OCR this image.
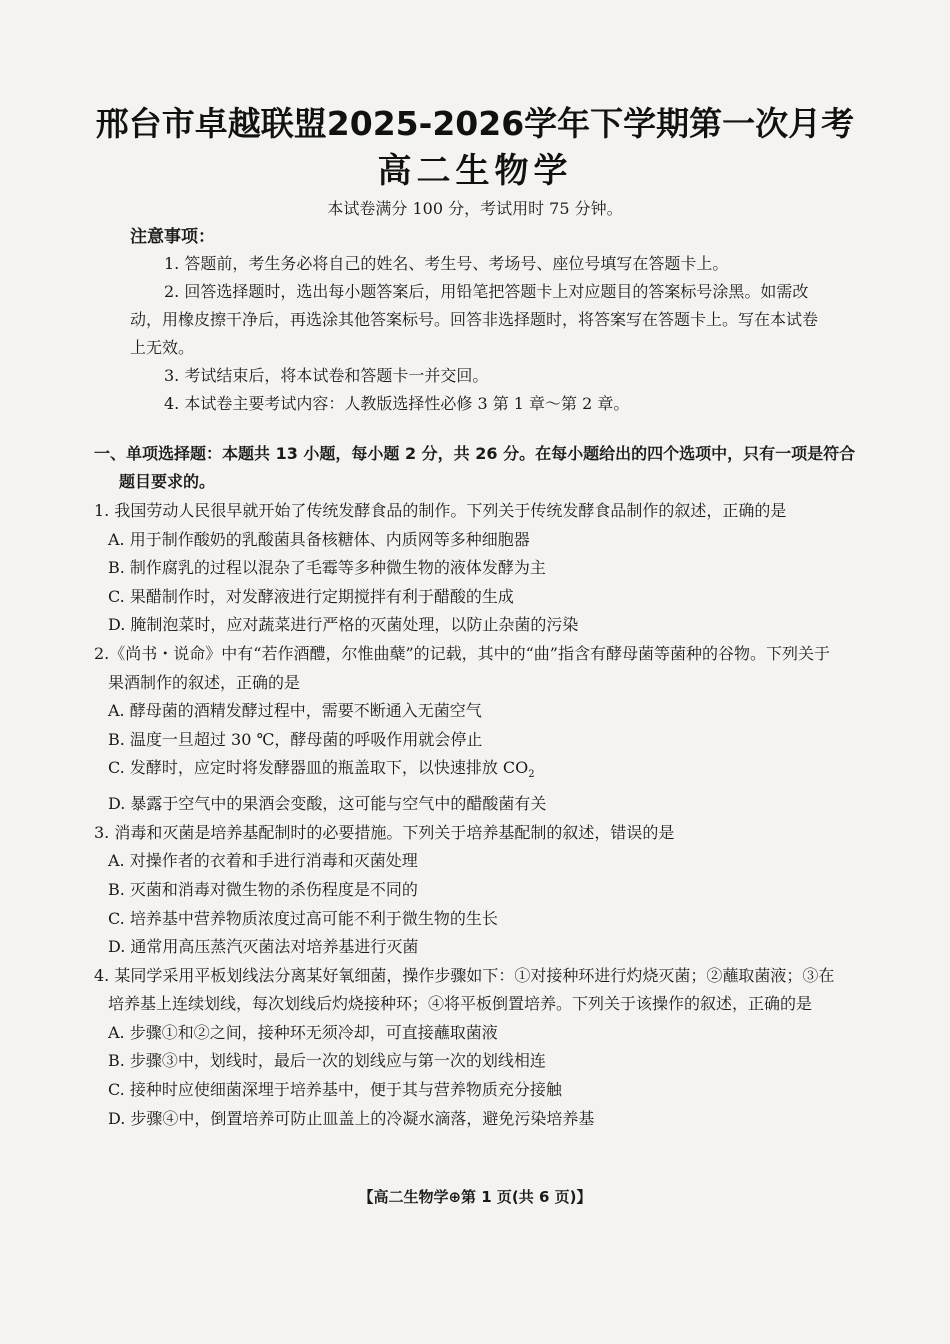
邢台市卓越联盟2025-2026学年下学期第一次月考
高二生物学
本试卷满分 100 分，考试用时 75 分钟。
注意事项：

1. 答题前，考生务必将自己的姓名、考生号、考场号、座位号填写在答题卡上。

2. 回答选择题时，选出每小题答案后，用铅笔把答题卡上对应题目的答案标号涂黑。如需改动，用橡皮擦干净后，再选涂其他答案标号。回答非选择题时，将答案写在答题卡上。写在本试卷上无效。

3. 考试结束后，将本试卷和答题卡一并交回。

4. 本试卷主要考试内容：人教版选择性必修 3 第 1 章～第 2 章。

一、单项选择题：本题共 13 小题，每小题 2 分，共 26 分。在每小题给出的四个选项中，只有一项是符合题目要求的。
1. 我国劳动人民很早就开始了传统发酵食品的制作。下列关于传统发酵食品制作的叙述，正确的是
A. 用于制作酸奶的乳酸菌具备核糖体、内质网等多种细胞器
B. 制作腐乳的过程以混杂了毛霉等多种微生物的液体发酵为主
C. 果醋制作时，对发酵液进行定期搅拌有利于醋酸的生成
D. 腌制泡菜时，应对蔬菜进行严格的灭菌处理，以防止杂菌的污染
2.《尚书・说命》中有“若作酒醴，尔惟曲蘖”的记载，其中的“曲”指含有酵母菌等菌种的谷物。下列关于果酒制作的叙述，正确的是
A. 酵母菌的酒精发酵过程中，需要不断通入无菌空气
B. 温度一旦超过 30 ℃，酵母菌的呼吸作用就会停止
C. 发酵时，应定时将发酵器皿的瓶盖取下，以快速排放 $CO_2$
D. 暴露于空气中的果酒会变酸，这可能与空气中的醋酸菌有关
3. 消毒和灭菌是培养基配制时的必要措施。下列关于培养基配制的叙述，错误的是
A. 对操作者的衣着和手进行消毒和灭菌处理
B. 灭菌和消毒对微生物的杀伤程度是不同的
C. 培养基中营养物质浓度过高可能不利于微生物的生长
D. 通常用高压蒸汽灭菌法对培养基进行灭菌
4. 某同学采用平板划线法分离某好氧细菌，操作步骤如下：①对接种环进行灼烧灭菌；②蘸取菌液；③在培养基上连续划线，每次划线后灼烧接种环；④将平板倒置培养。下列关于该操作的叙述，正确的是
A. 步骤①和②之间，接种环无须冷却，可直接蘸取菌液
B. 步骤③中，划线时，最后一次的划线应与第一次的划线相连
C. 接种时应使细菌深埋于培养基中，便于其与营养物质充分接触
D. 步骤④中，倒置培养可防止皿盖上的冷凝水滴落，避免污染培养基
【高二生物学⊕第 1 页(共 6 页)】
